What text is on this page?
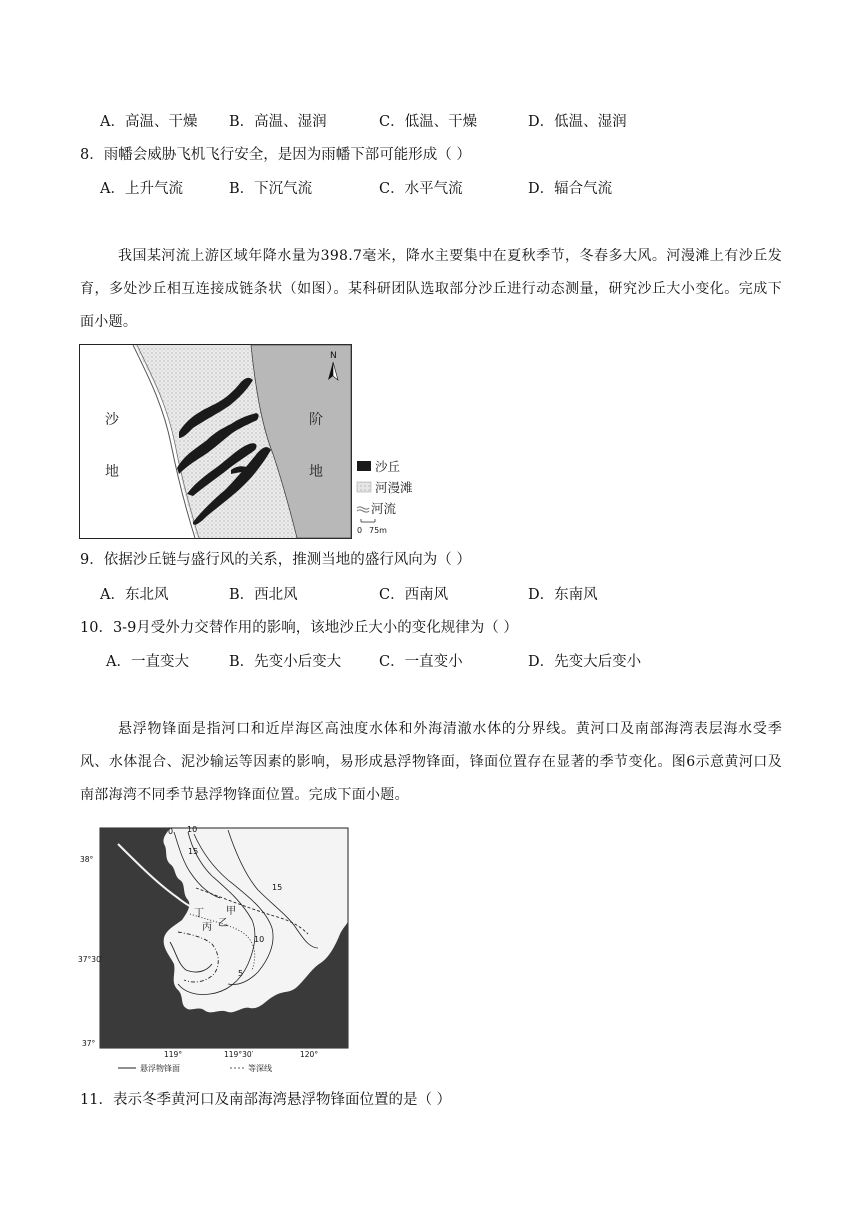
A．高温、干燥 B．高温、湿润	C．低温、干燥	D．低温、湿润
8．雨幡会威胁飞机飞行安全，是因为雨幡下部可能形成（ ）
A．上升气流	B．下沉气流	C．水平气流	D．辐合气流
我国某河流上游区域年降水量为398.7毫米，降水主要集中在夏秋季节，冬春多大风。河漫滩上有沙丘发育，多处沙丘相互连接成链条状（如图）。某科研团队选取部分沙丘进行动态测量，研究沙丘大小变化。完成下面小题。
沙
地
阶
地
N
沙丘
河漫滩
河流
0 75m
9．依据沙丘链与盛行风的关系，推测当地的盛行风向为（ ）
A．东北风	B．西北风	C．西南风	D．东南风
10．3-9月受外力交替作用的影响，该地沙丘大小的变化规律为（ ）
A．一直变大	B．先变小后变大	C．一直变小	D．先变大后变小
悬浮物锋面是指河口和近岸海区高浊度水体和外海清澈水体的分界线。黄河口及南部海湾表层海水受季风、水体混合、泥沙输运等因素的影响，易形成悬浮物锋面，锋面位置存在显著的季节变化。图6示意黄河口及南部海湾不同季节悬浮物锋面位置。完成下面小题。
0 10
15
15
10
5
甲
乙
丙
丁
38°
37°30′
37°
119°	119°30′	120°
悬浮物锋面	等深线
11．表示冬季黄河口及南部海湾悬浮物锋面位置的是（ ）
